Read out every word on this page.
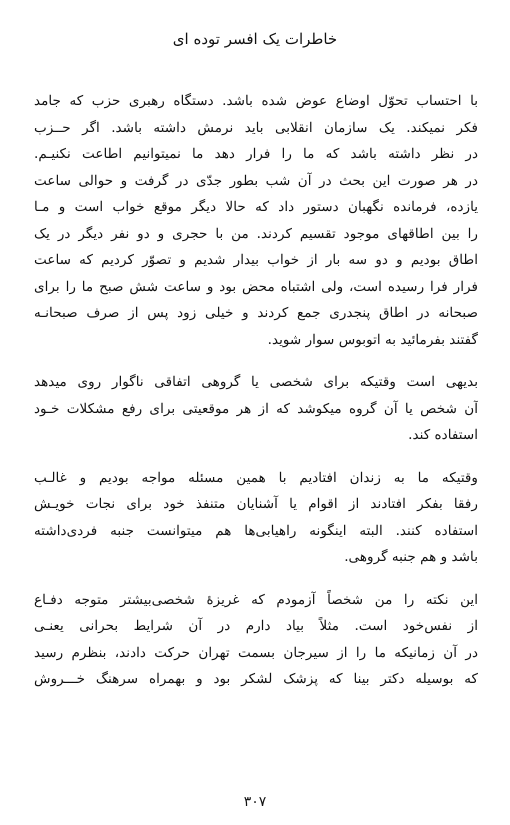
خاطرات یک افسر توده ای
با احتساب تحوّل اوضاع عوض شده باشد. دستگاه رهبری حزب که جامد
فکر نمیکند. یک سازمان انقلابی باید نرمش داشته باشد. اگر حــزب
در نظر داشته باشد که ما را فرار دهد ما نمیتوانیم اطاعت نکنیـم.
در هر صورت این بحث در آن شب بطور جدّی در گرفت و حوالی ساعت
یازده، فرمانده نگهبان دستور داد که حالا دیگر موقع خواب است و مـا
را بین اطاقهای موجود تقسیم کردند. من با حجری و دو نفر دیگر در یک
اطاق بودیم و دو سه بار از خواب بیدار شدیم و تصوّر کردیم که ساعت
فرار فرا رسیده است، ولی اشتباه محض بود و ساعت شش صبح ما را برای
صبحانه در اطاق پنجدری جمع کردند و خیلی زود پس از صرف صبحانـه
گفتند بفرمائید به اتوبوس سوار شوید.
بدیهی است وقتیکه برای شخصی یا گروهی اتفاقی ناگوار روی میدهد
آن شخص یا آن گروه میکوشد که از هر موقعیتی برای رفع مشکلات خـود
استفاده کند.
وقتیکه ما به زندان افتادیم با همین مسئله مواجه بودیم و غالـب
رفقا بفکر افتادند از اقوام یا آشنایان متنفذ خود برای نجات خویـش
استفاده کنند. البته اینگونه راهیابی‌ها هم میتوانست جنبه فردی‌داشته
باشد و هم جنبه گروهی.
این نکته را من شخصاً آزمودم که غریزهٔ شخصی‌بیشتر متوجه دفـاع
از نفس‌خود است. مثلاً بیاد دارم در آن شرایط بحرانی یعنـی
در آن زمانیکه ما را از سیرجان بسمت تهران حرکت دادند، بنظرم رسید
که بوسیله دکتر بینا که پزشک لشکر بود و بهمراه سرهنگ خـــروش
۳۰۷
